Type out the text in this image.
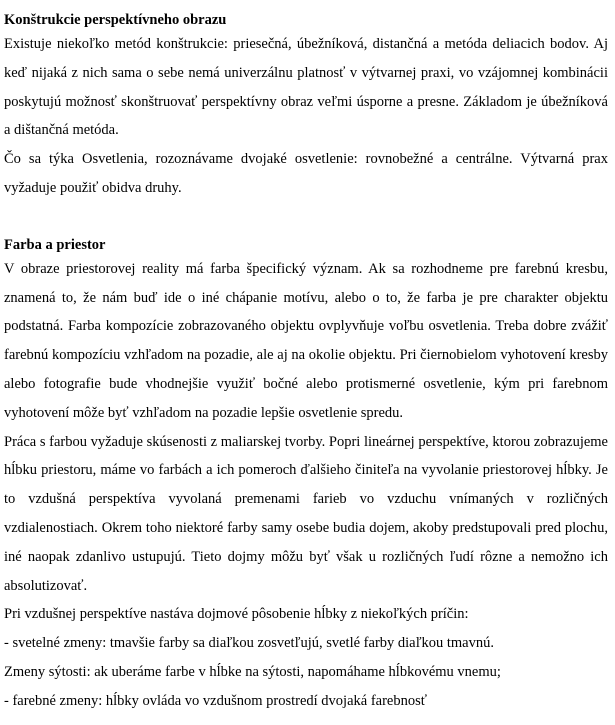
Konštrukcie perspektívneho obrazu

Existuje niekoľko metód konštrukcie: priesečná, úbežníková, distančná a metóda deliacich bodov. Aj keď nijaká z nich sama o sebe nemá univerzálnu platnosť v výtvarnej praxi, vo vzájomnej kombinácii poskytujú možnosť skonštruovať perspektívny obraz veľmi úsporne a presne. Základom je úbežníková a dištančná metóda.

Čo sa týka Osvetlenia, rozoznávame dvojaké osvetlenie: rovnobežné a centrálne. Výtvarná prax vyžaduje použiť obidva druhy.

Farba a priestor

V obraze priestorovej reality má farba špecifický význam. Ak sa rozhodneme pre farebnú kresbu, znamená to, že nám buď ide o iné chápanie motívu, alebo o to, že farba je pre charakter objektu podstatná. Farba kompozície zobrazovaného objektu ovplyvňuje voľbu osvetlenia. Treba dobre zvážiť farebnú kompozíciu vzhľadom na pozadie, ale aj na okolie objektu. Pri čiernobielom vyhotovení kresby alebo fotografie bude vhodnejšie využiť bočné alebo protismerné osvetlenie, kým pri farebnom vyhotovení môže byť vzhľadom na pozadie lepšie osvetlenie spredu.

Práca s farbou vyžaduje skúsenosti z maliarskej tvorby. Popri lineárnej perspektíve, ktorou zobrazujeme hĺbku priestoru, máme vo farbách a ich pomeroch ďalšieho činiteľa na vyvolanie priestorovej hĺbky. Je to vzdušná perspektíva vyvolaná premenami farieb vo vzduchu vnímaných v rozličných vzdialenostiach. Okrem toho niektoré farby samy osebe budia dojem, akoby predstupovali pred plochu, iné naopak zdanlivo ustupujú. Tieto dojmy môžu byť však u rozličných ľudí rôzne a nemožno ich absolutizovať.

Pri vzdušnej perspektíve nastáva dojmové pôsobenie hĺbky z niekoľkých príčin:

- svetelné zmeny: tmavšie farby sa diaľkou zosvetľujú, svetlé farby diaľkou tmavnú.

Zmeny sýtosti: ak uberáme farbe v hĺbke na sýtosti, napomáhame hĺbkovému vnemu;

- farebné zmeny: hĺbky ovláda vo vzdušnom prostredí dvojaká farebnosť
